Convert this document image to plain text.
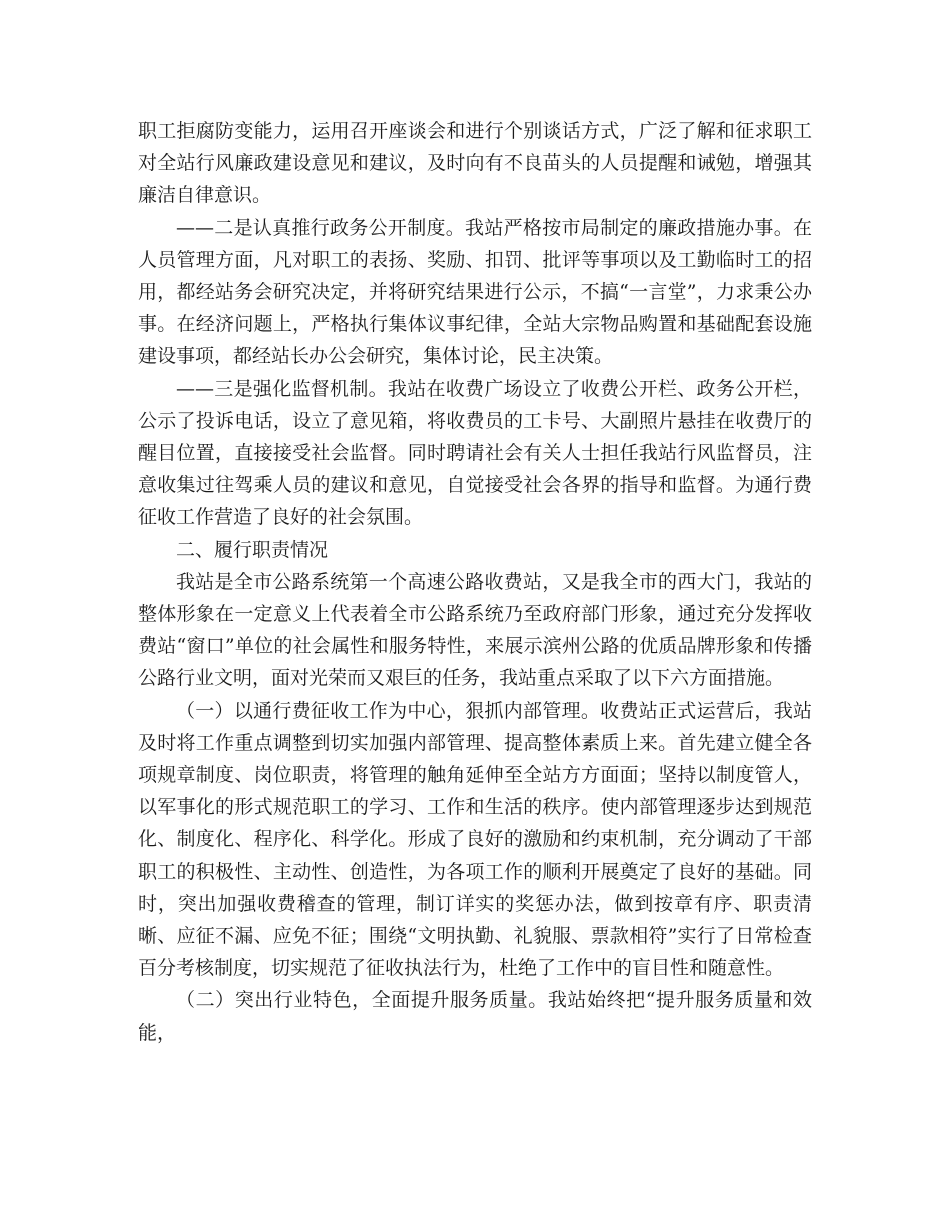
职工拒腐防变能力，运用召开座谈会和进行个别谈话方式，广泛了解和征求职工对全站行风廉政建设意见和建议，及时向有不良苗头的人员提醒和诫勉，增强其廉洁自律意识。

——二是认真推行政务公开制度。我站严格按市局制定的廉政措施办事。在人员管理方面，凡对职工的表扬、奖励、扣罚、批评等事项以及工勤临时工的招用，都经站务会研究决定，并将研究结果进行公示，不搞“一言堂”，力求秉公办事。在经济问题上，严格执行集体议事纪律，全站大宗物品购置和基础配套设施建设事项，都经站长办公会研究，集体讨论，民主决策。

——三是强化监督机制。我站在收费广场设立了收费公开栏、政务公开栏，公示了投诉电话，设立了意见箱，将收费员的工卡号、大副照片悬挂在收费厅的醒目位置，直接接受社会监督。同时聘请社会有关人士担任我站行风监督员，注意收集过往驾乘人员的建议和意见，自觉接受社会各界的指导和监督。为通行费征收工作营造了良好的社会氛围。

二、履行职责情况

我站是全市公路系统第一个高速公路收费站，又是我全市的西大门，我站的整体形象在一定意义上代表着全市公路系统乃至政府部门形象，通过充分发挥收费站“窗口”单位的社会属性和服务特性，来展示滨州公路的优质品牌形象和传播公路行业文明，面对光荣而又艰巨的任务，我站重点采取了以下六方面措施。

（一）以通行费征收工作为中心，狠抓内部管理。收费站正式运营后，我站及时将工作重点调整到切实加强内部管理、提高整体素质上来。首先建立健全各项规章制度、岗位职责，将管理的触角延伸至全站方方面面；坚持以制度管人，以军事化的形式规范职工的学习、工作和生活的秩序。使内部管理逐步达到规范化、制度化、程序化、科学化。形成了良好的激励和约束机制，充分调动了干部职工的积极性、主动性、创造性，为各项工作的顺利开展奠定了良好的基础。同时，突出加强收费稽查的管理，制订详实的奖惩办法，做到按章有序、职责清晰、应征不漏、应免不征；围绕“文明执勤、礼貌服、票款相符”实行了日常检查百分考核制度，切实规范了征收执法行为，杜绝了工作中的盲目性和随意性。

（二）突出行业特色，全面提升服务质量。我站始终把“提升服务质量和效能，
